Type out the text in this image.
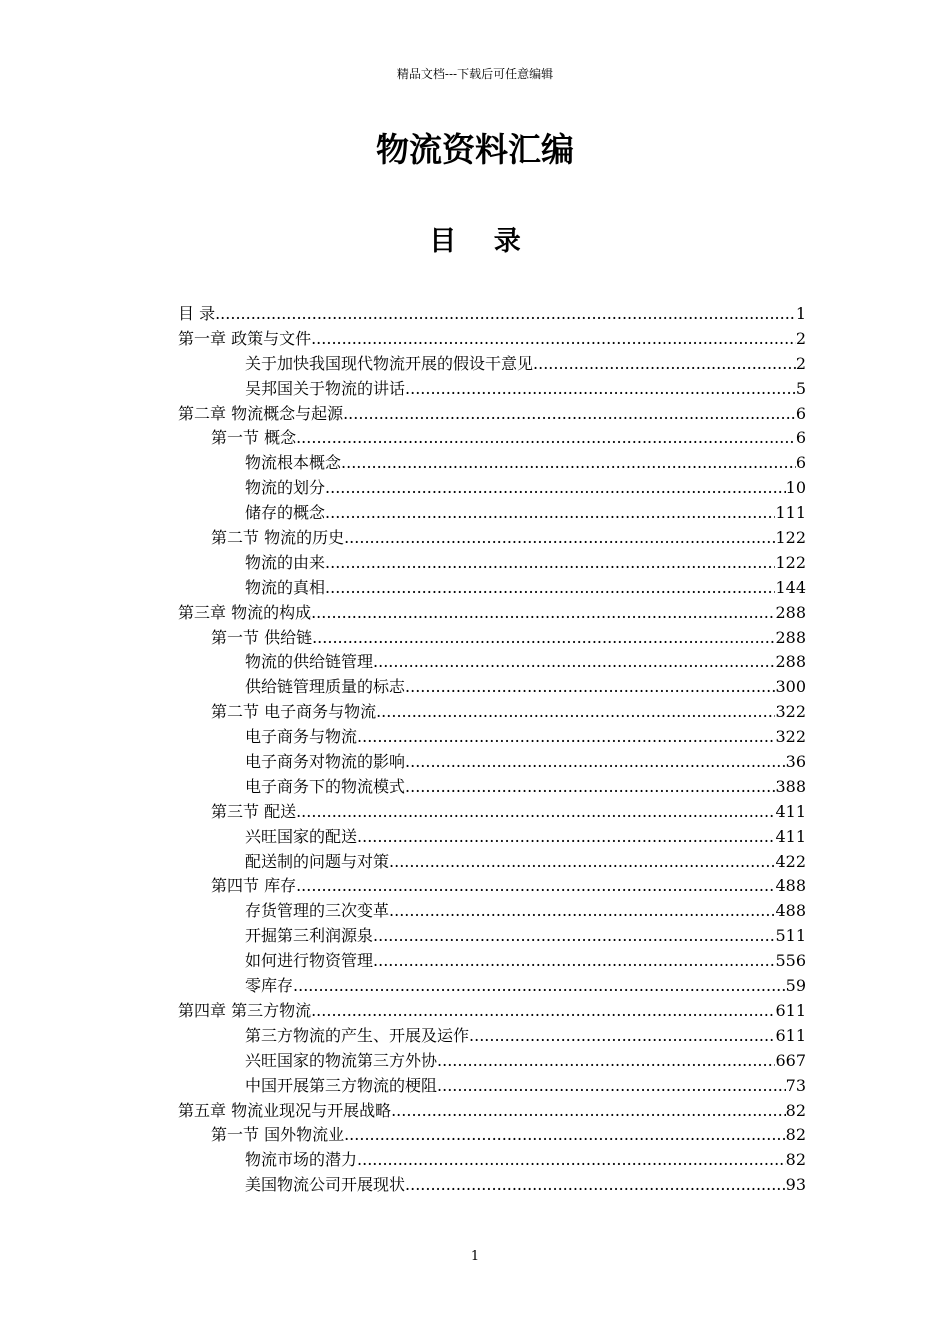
精品文档---下载后可任意编辑
物流资料汇编
目 录
目 录 .....	1
第一章 政策与文件 .....	2
关于加快我国现代物流开展的假设干意见 .....	2
吴邦国关于物流的讲话 .....	5
第二章 物流概念与起源 .....	6
第一节 概念 .....	6
物流根本概念 .....	6
物流的划分 .....	10
储存的概念 .....	111
第二节 物流的历史 .....	122
物流的由来 .....	122
物流的真相 .....	144
第三章 物流的构成 .....	288
第一节 供给链 .....	288
物流的供给链管理 .....	288
供给链管理质量的标志 .....	300
第二节 电子商务与物流 .....	322
电子商务与物流 .....	322
电子商务对物流的影响 .....	36
电子商务下的物流模式 .....	388
第三节 配送 .....	411
兴旺国家的配送 .....	411
配送制的问题与对策 .....	422
第四节 库存 .....	488
存货管理的三次变革 .....	488
开掘第三利润源泉 .....	511
如何进行物资管理 .....	556
零库存 .....	59
第四章 第三方物流 .....	611
第三方物流的产生、开展及运作 .....	611
兴旺国家的物流第三方外协 .....	667
中国开展第三方物流的梗阻 .....	73
第五章 物流业现况与开展战略 .....	82
第一节 国外物流业 .....	82
物流市场的潜力 .....	82
美国物流公司开展现状 .....	93
1
